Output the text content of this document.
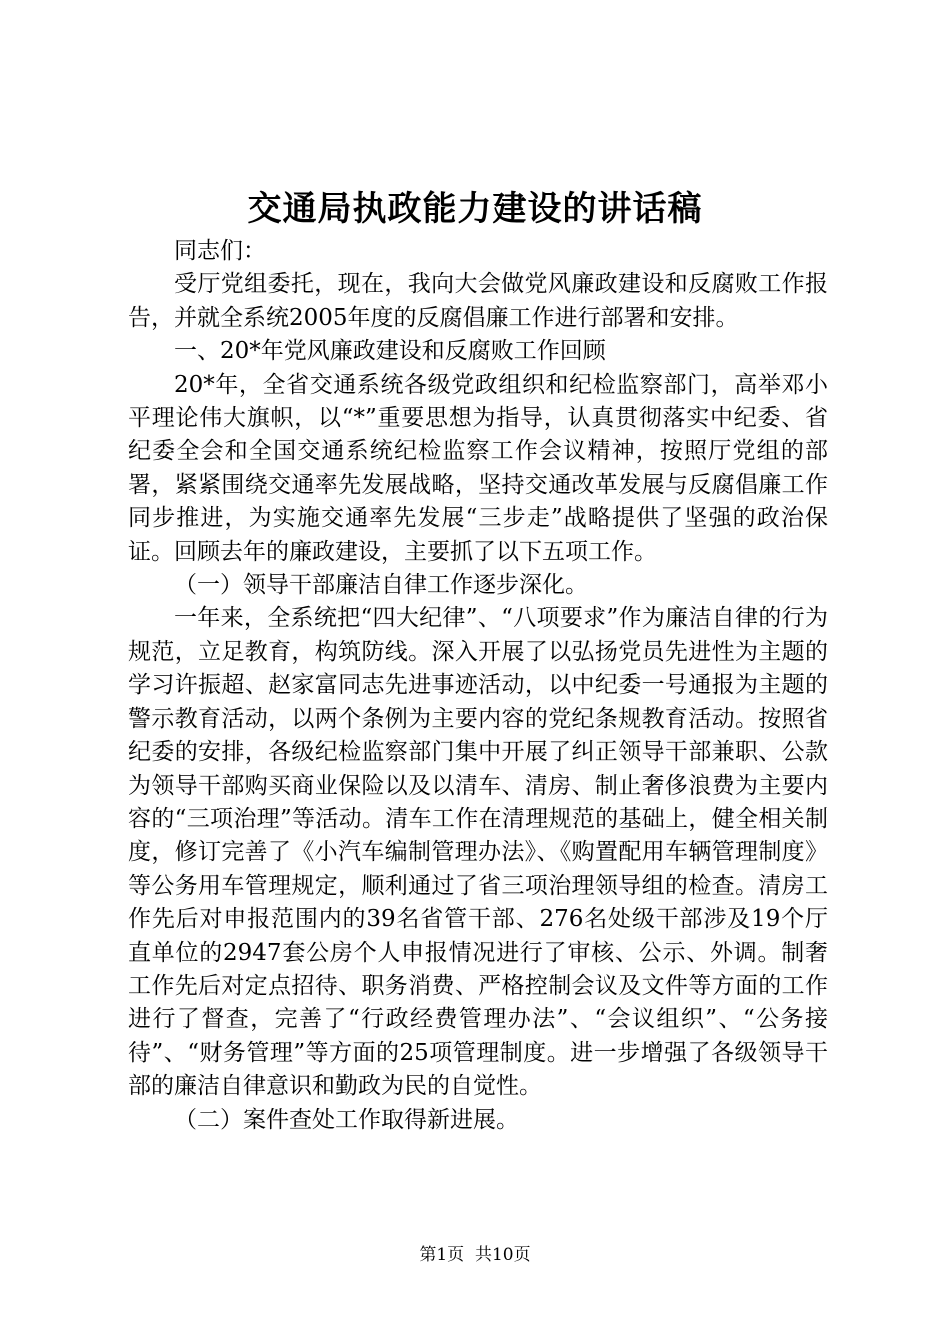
交通局执政能力建设的讲话稿

同志们：

受厅党组委托，现在，我向大会做党风廉政建设和反腐败工作报告，并就全系统2005年度的反腐倡廉工作进行部署和安排。

一、20*年党风廉政建设和反腐败工作回顾

20*年，全省交通系统各级党政组织和纪检监察部门，高举邓小平理论伟大旗帜，以“*”重要思想为指导，认真贯彻落实中纪委、省纪委全会和全国交通系统纪检监察工作会议精神，按照厅党组的部署，紧紧围绕交通率先发展战略，坚持交通改革发展与反腐倡廉工作同步推进，为实施交通率先发展“三步走”战略提供了坚强的政治保证。回顾去年的廉政建设，主要抓了以下五项工作。

（一）领导干部廉洁自律工作逐步深化。

一年来，全系统把“四大纪律”、“八项要求”作为廉洁自律的行为规范，立足教育，构筑防线。深入开展了以弘扬党员先进性为主题的学习许振超、赵家富同志先进事迹活动，以中纪委一号通报为主题的警示教育活动，以两个条例为主要内容的党纪条规教育活动。按照省纪委的安排，各级纪检监察部门集中开展了纠正领导干部兼职、公款为领导干部购买商业保险以及以清车、清房、制止奢侈浪费为主要内容的“三项治理”等活动。清车工作在清理规范的基础上，健全相关制度，修订完善了《小汽车编制管理办法》、《购置配用车辆管理制度》等公务用车管理规定，顺利通过了省三项治理领导组的检查。清房工作先后对申报范围内的39名省管干部、276名处级干部涉及19个厅直单位的2947套公房个人申报情况进行了审核、公示、外调。制奢工作先后对定点招待、职务消费、严格控制会议及文件等方面的工作进行了督查，完善了“行政经费管理办法”、“会议组织”、“公务接待”、“财务管理”等方面的25项管理制度。进一步增强了各级领导干部的廉洁自律意识和勤政为民的自觉性。

（二）案件查处工作取得新进展。

第1页  共10页
